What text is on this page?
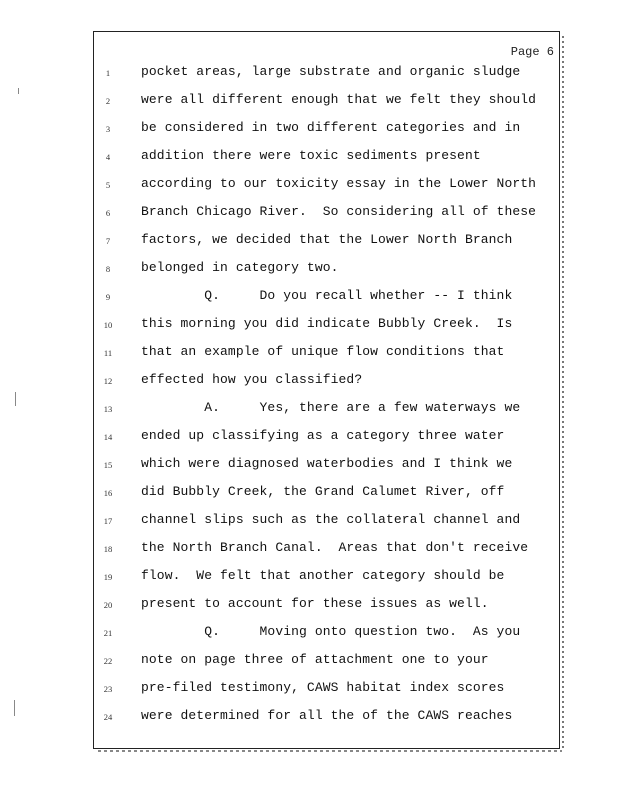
Page 6
1	pocket areas, large substrate and organic sludge
2	were all different enough that we felt they should
3	be considered in two different categories and in
4	addition there were toxic sediments present
5	according to our toxicity essay in the Lower North
6	Branch Chicago River.  So considering all of these
7	factors, we decided that the Lower North Branch
8	belonged in category two.
9	Q.     Do you recall whether -- I think
10	this morning you did indicate Bubbly Creek.  Is
11	that an example of unique flow conditions that
12	effected how you classified?
13	A.     Yes, there are a few waterways we
14	ended up classifying as a category three water
15	which were diagnosed waterbodies and I think we
16	did Bubbly Creek, the Grand Calumet River, off
17	channel slips such as the collateral channel and
18	the North Branch Canal.  Areas that don't receive
19	flow.  We felt that another category should be
20	present to account for these issues as well.
21	Q.     Moving onto question two.  As you
22	note on page three of attachment one to your
23	pre-filed testimony, CAWS habitat index scores
24	were determined for all the of the CAWS reaches
